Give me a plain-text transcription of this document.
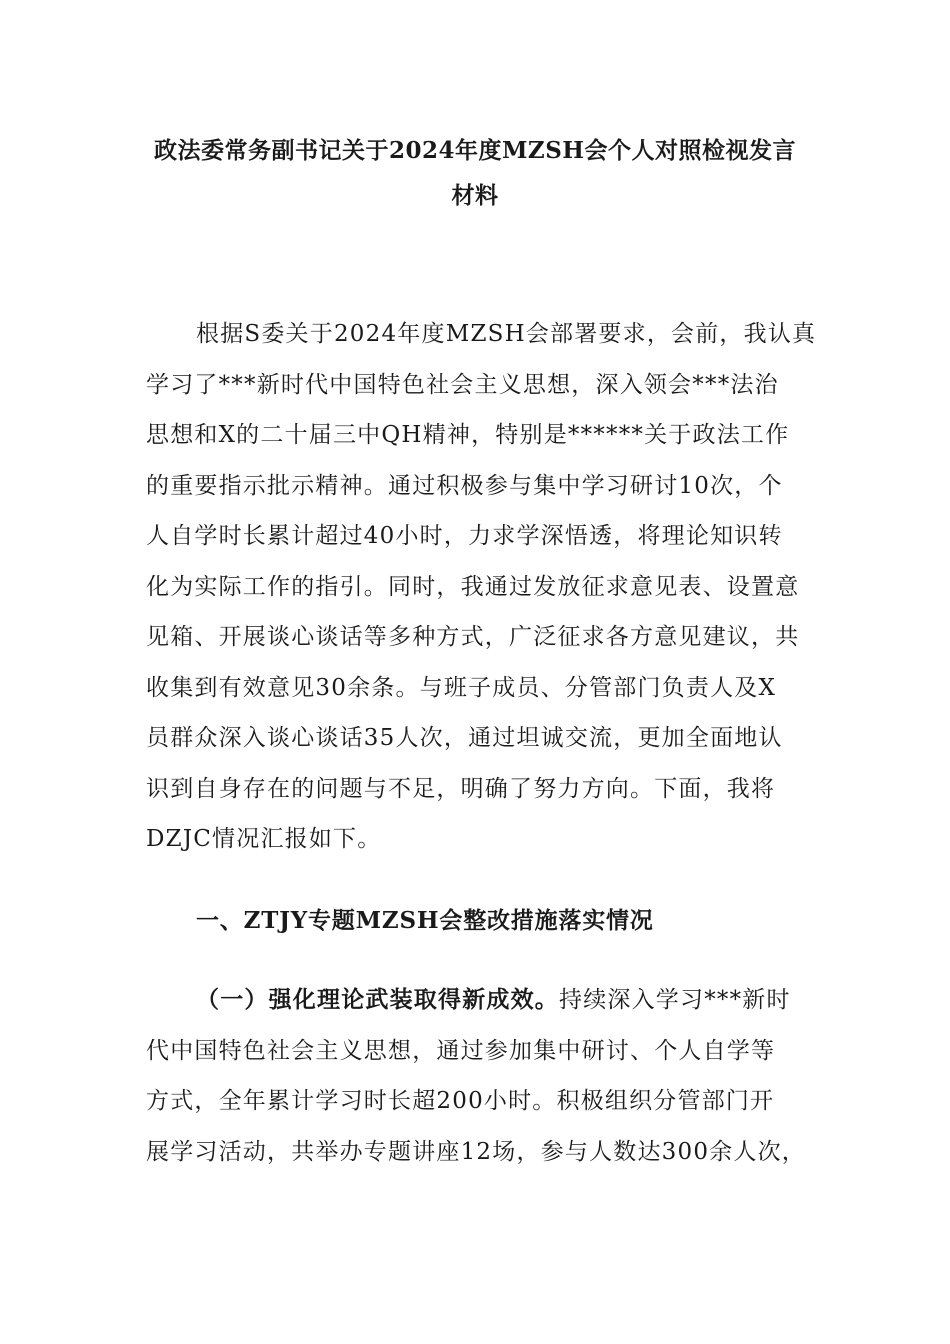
政法委常务副书记关于2024年度MZSH会个人对照检视发言
材料
根据S委关于2024年度MZSH会部署要求，会前，我认真
学习了***新时代中国特色社会主义思想，深入领会***法治
思想和X的二十届三中QH精神，特别是******关于政法工作
的重要指示批示精神。通过积极参与集中学习研讨10次，个
人自学时长累计超过40小时，力求学深悟透，将理论知识转
化为实际工作的指引。同时，我通过发放征求意见表、设置意
见箱、开展谈心谈话等多种方式，广泛征求各方意见建议，共
收集到有效意见30余条。与班子成员、分管部门负责人及X
员群众深入谈心谈话35人次，通过坦诚交流，更加全面地认
识到自身存在的问题与不足，明确了努力方向。下面，我将
DZJC情况汇报如下。
一、ZTJY专题MZSH会整改措施落实情况
（一）强化理论武装取得新成效。持续深入学习***新时
代中国特色社会主义思想，通过参加集中研讨、个人自学等
方式，全年累计学习时长超200小时。积极组织分管部门开
展学习活动，共举办专题讲座12场，参与人数达300余人次，
